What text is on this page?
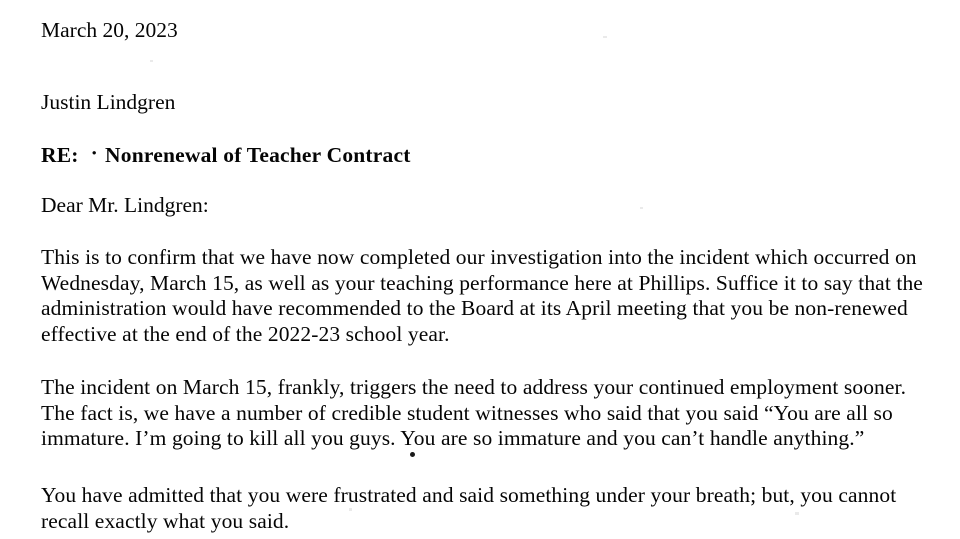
March 20, 2023
Justin Lindgren
RE: · Nonrenewal of Teacher Contract
Dear Mr. Lindgren:
This is to confirm that we have now completed our investigation into the incident which occurred on
Wednesday, March 15, as well as your teaching performance here at Phillips. Suffice it to say that the
administration would have recommended to the Board at its April meeting that you be non-renewed
effective at the end of the 2022-23 school year.
The incident on March 15, frankly, triggers the need to address your continued employment sooner.
The fact is, we have a number of credible student witnesses who said that you said “You are all so
immature. I’m going to kill all you guys. You are so immature and you can’t handle anything.”
You have admitted that you were frustrated and said something under your breath; but, you cannot
recall exactly what you said.
